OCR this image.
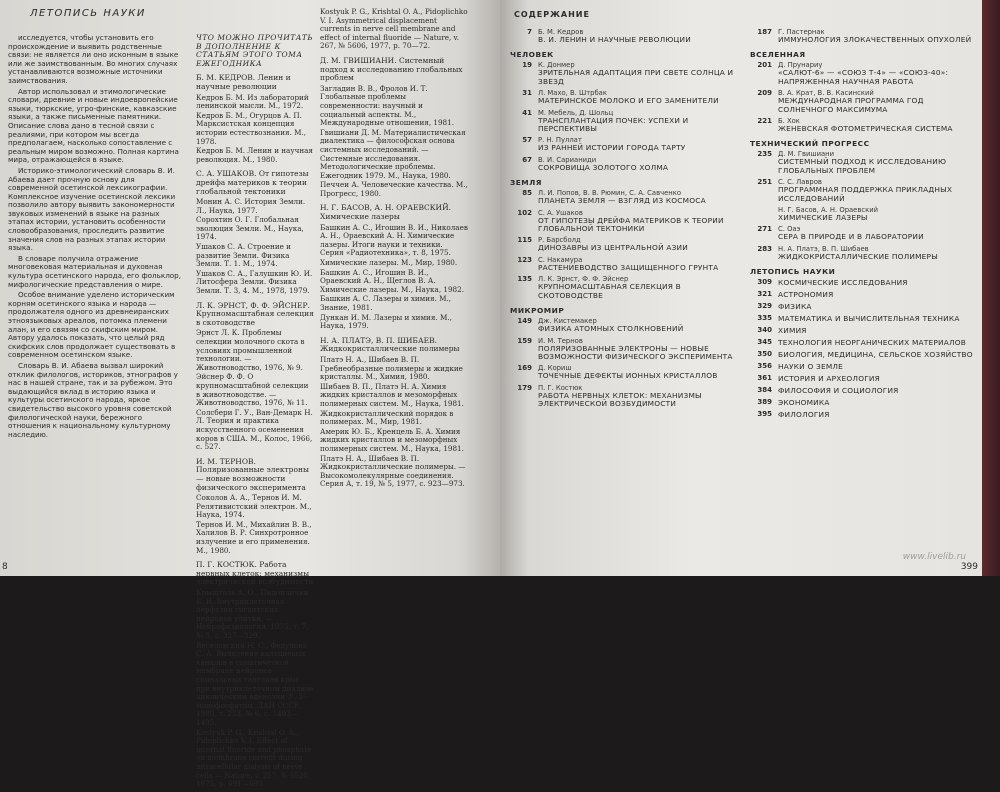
ЛЕТОПИСЬ НАУКИ

исследуется, чтобы установить его происхождение и выявить родственные связи: не является ли оно исконным в языке или же заимствованным. Во многих случаях устанавливаются возможные источники заимствования.

Автор использовал и этимологические словари, древние и новые индоевропейские языки, тюркские, угро-финские, кавказские языки, а также письменные памятники. Описание слова дано в тесной связи с реалиями, при котором мы всегда предполагаем, насколько сопоставление с реальным миром возможно. Полная картина мира, отражающейся в языке.

Историко-этимологический словарь В. И. Абаева дает прочную основу для современной осетинской лексикографии. Комплексное изучение осетинской лексики позволило автору выявить закономерности звуковых изменений в языке на разных этапах истории, установить особенности словообразования, проследить развитие значения слов на разных этапах истории языка.

В словаре получила отражение многовековая материальная и духовная культура осетинского народа, его фольклор, мифологические представления о мире.

Особое внимание уделено историческим корням осетинского языка и народа — продолжателя одного из древнеиранских этноязыковых ареалов, потомка племени алан, и его связям со скифским миром. Автору удалось показать, что целый ряд скифских слов продолжает существовать в современном осетинском языке.

Словарь В. И. Абаева вызвал широкий отклик филологов, историков, этнографов у нас в нашей стране, так и за рубежом. Это выдающийся вклад в историю языка и культуры осетинского народа, яркое свидетельство высокого уровня советской филологической науки, бережного отношения к национальному культурному наследию.

ЧТО МОЖНО ПРОЧИТАТЬ В ДОПОЛНЕНИЕ К СТАТЬЯМ ЭТОГО ТОМА ЕЖЕГОДНИКА
Б. М. КЕДРОВ. Ленин и научные революции
Кедров Б. М. Из лабораторий ленинской мысли. М., 1972.
Кедров Б. М., Огурцов А. П. Марксистская концепция истории естествознания. М., 1978.
Кедров Б. М. Ленин и научная революция. М., 1980.
С. А. УШАКОВ. От гипотезы дрейфа материков к теории глобальной тектоники
Монин А. С. История Земли. Л., Наука, 1977.
Сорохтин О. Г. Глобальная эволюция Земли. М., Наука, 1974.
Ушаков С. А. Строение и развитие Земли. Физика Земли. Т. 1. М., 1974.
Ушаков С. А., Галушкин Ю. И. Литосфера Земли. Физика Земли. Т. 3, 4. М., 1978, 1979.
Л. К. ЭРНСТ, Ф. Ф. ЭЙСНЕР. Крупномасштабная селекция в скотоводстве
Эрнст Л. К. Проблемы селекции молочного скота в условиях промышленной технологии. — Животноводство, 1976, № 9.
Эйснер Ф. Ф. О крупномасштабной селекции в животноводстве. — Животноводство, 1976, № 11.
Солсбери Г. У., Ван-Демарк Н. Л. Теория и практика искусственного осеменения коров в США. М., Колос, 1966, с. 527.
И. М. ТЕРНОВ. Поляризованные электроны — новые возможности физического эксперимента
Соколов А. А., Тернов И. М. Релятивистский электрон. М., Наука, 1974.
Тернов И. М., Михайлин В. В., Халилов В. Р. Синхротронное излучение и его применения. М., 1980.
П. Г. КОСТЮК. Работа нервных клеток: механизмы электрической возбудимости
Крыштоль А. О., Пидоплички В. И. Внутриклеточная перфузия гигантских нейронов улитки. — Нейрофизиология, 1975, т. 7, № 3, с. 327—329.
Веселовский Н. С., Федулова С. А. Выявление кальциевых каналов в соматической мембране нейронов спинальных ганглиев крыс при внутриклеточном диализе циклическим аденозин-3', 5'-монофосфатом. ДАН СССР, 1980, т. 253, № 6, с. 1493—1495.
Kostyuk P. G., Krishtal O. A., Pidoplichko V. I. Effect of internal fluoride and phosphate on membrane current during intracellular dialysis of nerve cells — Nature, v. 257, № 5528, 1975, p. 691—693.
Kostyuk P. G., Krishtal O. A., Pidoplichko V. I. Asymmetrical displacement currents in nerve cell membrane and effect of internal fluoride — Nature, v. 267, № 5606, 1977, p. 70—72.
Д. М. ГВИШИАНИ. Системный подход к исследованию глобальных проблем
Загладин В. В., Фролов И. Т. Глобальные проблемы современности: научный и социальный аспекты. М., Международные отношения, 1981.
Гвишиани Д. М. Материалистическая диалектика — философская основа системных исследований. — Системные исследования. Методологические проблемы. Ежегодник 1979. М., Наука, 1980.
Печчеи А. Человеческие качества. М., Прогресс, 1980.
Н. Г. БАСОВ, А. Н. ОРАЕВСКИЙ. Химические лазеры
Башкин А. С., Игошин В. И., Николаев А. Н., Ораевский А. Н. Химические лазеры. Итоги науки и техники. Серия «Радиотехника», т. 8, 1975.
Химические лазеры. М., Мир, 1980.
Башкин А. С., Игошин В. И., Ораевский А. Н., Щеглов В. А. Химические лазеры. М., Наука, 1982.
Башкин А. С. Лазеры и химия. М., Знание, 1981.
Дункан И. М. Лазеры и химия. М., Наука, 1979.
Н. А. ПЛАТЭ, В. П. ШИБАЕВ. Жидкокристаллические полимеры
Платэ Н. А., Шибаев В. П. Гребнеобразные полимеры и жидкие кристаллы. М., Химия, 1980.
Шибаев В. П., Платэ Н. А. Химия жидких кристаллов и мезоморфных полимерных систем. М., Наука, 1981.
Жидкокристаллический порядок в полимерах. М., Мир, 1981.
Америк Ю. Б., Кренцель Б. А. Химия жидких кристаллов и мезоморфных полимерных систем. М., Наука, 1981.
Платэ Н. А., Шибаев В. П. Жидкокристаллические полимеры. — Высокомолекулярные соединения. Серия А, т. 19, № 5, 1977, с. 923—973.
8
СОДЕРЖАНИЕ
7 Б. М. Кедров
В. И. ЛЕНИН И НАУЧНЫЕ РЕВОЛЮЦИИ
ЧЕЛОВЕК
19 К. Донмер
ЗРИТЕЛЬНАЯ АДАПТАЦИЯ ПРИ СВЕТЕ СОЛНЦА И ЗВЕЗД
31 Л. Махо, В. Штрбак
МАТЕРИНСКОЕ МОЛОКО И ЕГО ЗАМЕНИТЕЛИ
41 М. Мебель, Д. Шольц
ТРАНСПЛАНТАЦИЯ ПОЧЕК: УСПЕХИ И ПЕРСПЕКТИВЫ
57 Р. Н. Пуллат
ИЗ РАННЕЙ ИСТОРИИ ГОРОДА ТАРТУ
67 В. И. Сарианиди
СОКРОВИЩА ЗОЛОТОГО ХОЛМА
ЗЕМЛЯ
85 Л. И. Попов, В. В. Рюмин, С. А. Савченко
ПЛАНЕТА ЗЕМЛЯ — ВЗГЛЯД ИЗ КОСМОСА
102 С. А. Ушаков
ОТ ГИПОТЕЗЫ ДРЕЙФА МАТЕРИКОВ К ТЕОРИИ ГЛОБАЛЬНОЙ ТЕКТОНИКИ
115 Р. Барсболд
ДИНОЗАВРЫ ИЗ ЦЕНТРАЛЬНОЙ АЗИИ
123 С. Накамура
РАСТЕНИЕВОДСТВО ЗАЩИЩЕННОГО ГРУНТА
135 Л. К. Эрнст, Ф. Ф. Эйснер
КРУПНОМАСШТАБНАЯ СЕЛЕКЦИЯ В СКОТОВОДСТВЕ
МИКРОМИР
149 Дж. Кистемакер
ФИЗИКА АТОМНЫХ СТОЛКНОВЕНИЙ
159 И. М. Тернов
ПОЛЯРИЗОВАННЫЕ ЭЛЕКТРОНЫ — НОВЫЕ ВОЗМОЖНОСТИ ФИЗИЧЕСКОГО ЭКСПЕРИМЕНТА
169 Д. Кориш
ТОЧЕЧНЫЕ ДЕФЕКТЫ ИОННЫХ КРИСТАЛЛОВ
179 П. Г. Костюк
РАБОТА НЕРВНЫХ КЛЕТОК: МЕХАНИЗМЫ ЭЛЕКТРИЧЕСКОЙ ВОЗБУДИМОСТИ
187 Г. Пастернак
ИММУНОЛОГИЯ ЗЛОКАЧЕСТВЕННЫХ ОПУХОЛЕЙ
ВСЕЛЕННАЯ
201 Д. Прунариу
«САЛЮТ-6» — «СОЮЗ Т-4» — «СОЮЗ-40»: НАПРЯЖЕННАЯ НАУЧНАЯ РАБОТА
209 В. А. Крат, В. В. Касинский
МЕЖДУНАРОДНАЯ ПРОГРАММА ГОД СОЛНЕЧНОГО МАКСИМУМА
221 Б. Хок
ЖЕНЕВСКАЯ ФОТОМЕТРИЧЕСКАЯ СИСТЕМА
ТЕХНИЧЕСКИЙ ПРОГРЕСС
235 Д. М. Гвишиани
СИСТЕМНЫЙ ПОДХОД К ИССЛЕДОВАНИЮ ГЛОБАЛЬНЫХ ПРОБЛЕМ
251 С. С. Лавров
ПРОГРАММНАЯ ПОДДЕРЖКА ПРИКЛАДНЫХ ИССЛЕДОВАНИЙ
Н. Г. Басов, А. Н. Ораевский
ХИМИЧЕСКИЕ ЛАЗЕРЫ
271 С. Оаэ
СЕРА В ПРИРОДЕ И В ЛАБОРАТОРИИ
283 Н. А. Платэ, В. П. Шибаев
ЖИДКОКРИСТАЛЛИЧЕСКИЕ ПОЛИМЕРЫ
ЛЕТОПИСЬ НАУКИ
309 КОСМИЧЕСКИЕ ИССЛЕДОВАНИЯ
321 АСТРОНОМИЯ
329 ФИЗИКА
335 МАТЕМАТИКА И ВЫЧИСЛИТЕЛЬНАЯ ТЕХНИКА
340 ХИМИЯ
345 ТЕХНОЛОГИЯ НЕОРГАНИЧЕСКИХ МАТЕРИАЛОВ
350 БИОЛОГИЯ, МЕДИЦИНА, СЕЛЬСКОЕ ХОЗЯЙСТВО
356 НАУКИ О ЗЕМЛЕ
361 ИСТОРИЯ И АРХЕОЛОГИЯ
384 ФИЛОСОФИЯ И СОЦИОЛОГИЯ
389 ЭКОНОМИКА
395 ФИЛОЛОГИЯ
www.livelib.ru
399
